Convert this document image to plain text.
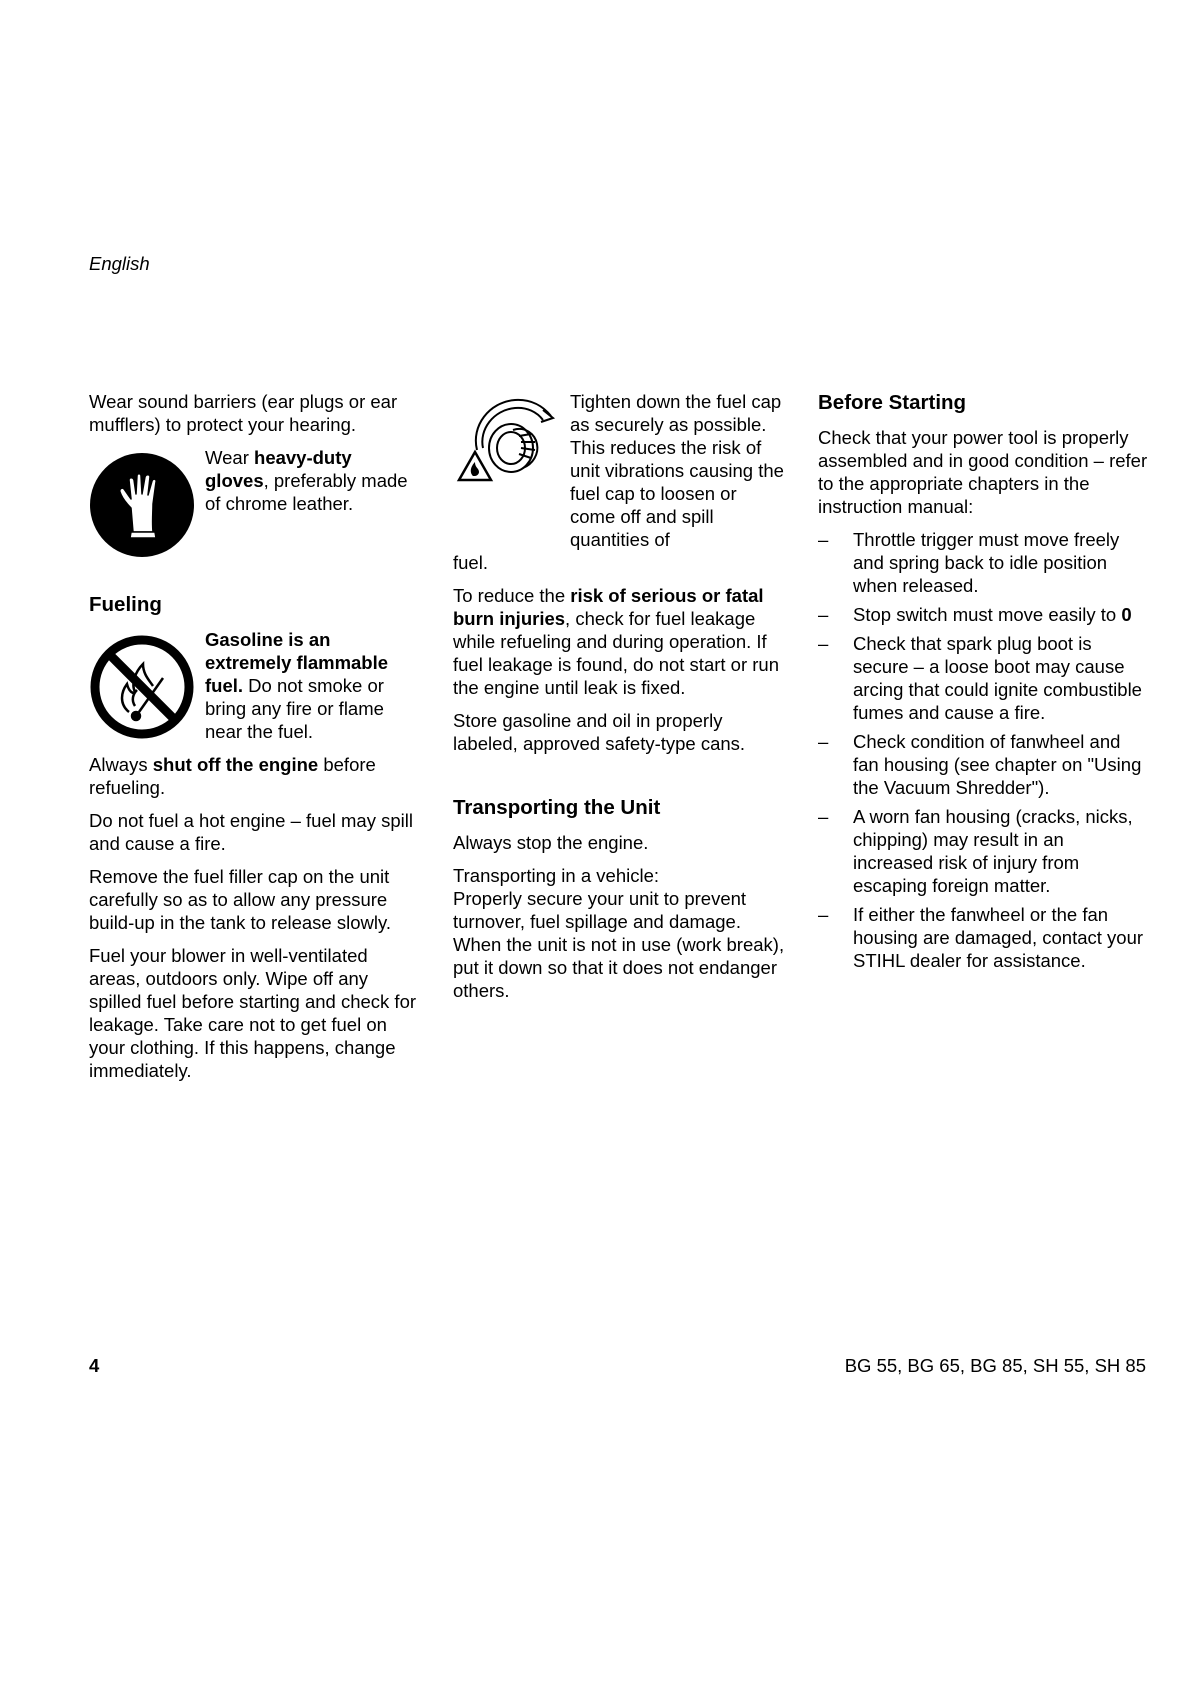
English

Wear sound barriers (ear plugs or ear mufflers) to protect your hearing.

Wear heavy-duty gloves, preferably made of chrome leather.

Fueling

Gasoline is an extremely flammable fuel. Do not smoke or bring any fire or flame near the fuel.

Always shut off the engine before refueling.

Do not fuel a hot engine – fuel may spill and cause a fire.

Remove the fuel filler cap on the unit carefully so as to allow any pressure build-up in the tank to release slowly.

Fuel your blower in well-ventilated areas, outdoors only. Wipe off any spilled fuel before starting and check for leakage. Take care not to get fuel on your clothing. If this happens, change immediately.

Tighten down the fuel cap as securely as possible. This reduces the risk of unit vibrations causing the fuel cap to loosen or come off and spill quantities of

fuel.

To reduce the risk of serious or fatal burn injuries, check for fuel leakage while refueling and during operation. If fuel leakage is found, do not start or run the engine until leak is fixed.

Store gasoline and oil in properly labeled, approved safety-type cans.

Transporting the Unit

Always stop the engine.

Transporting in a vehicle:
Properly secure your unit to prevent turnover, fuel spillage and damage.
When the unit is not in use (work break), put it down so that it does not endanger others.

Before Starting

Check that your power tool is properly assembled and in good condition – refer to the appropriate chapters in the instruction manual:

– Throttle trigger must move freely and spring back to idle position when released.
– Stop switch must move easily to 0
– Check that spark plug boot is secure – a loose boot may cause arcing that could ignite combustible fumes and cause a fire.
– Check condition of fanwheel and fan housing (see chapter on "Using the Vacuum Shredder").
– A worn fan housing (cracks, nicks, chipping) may result in an increased risk of injury from escaping foreign matter.
– If either the fanwheel or the fan housing are damaged, contact your STIHL dealer for assistance.
4	BG 55, BG 65, BG 85, SH 55, SH 85
